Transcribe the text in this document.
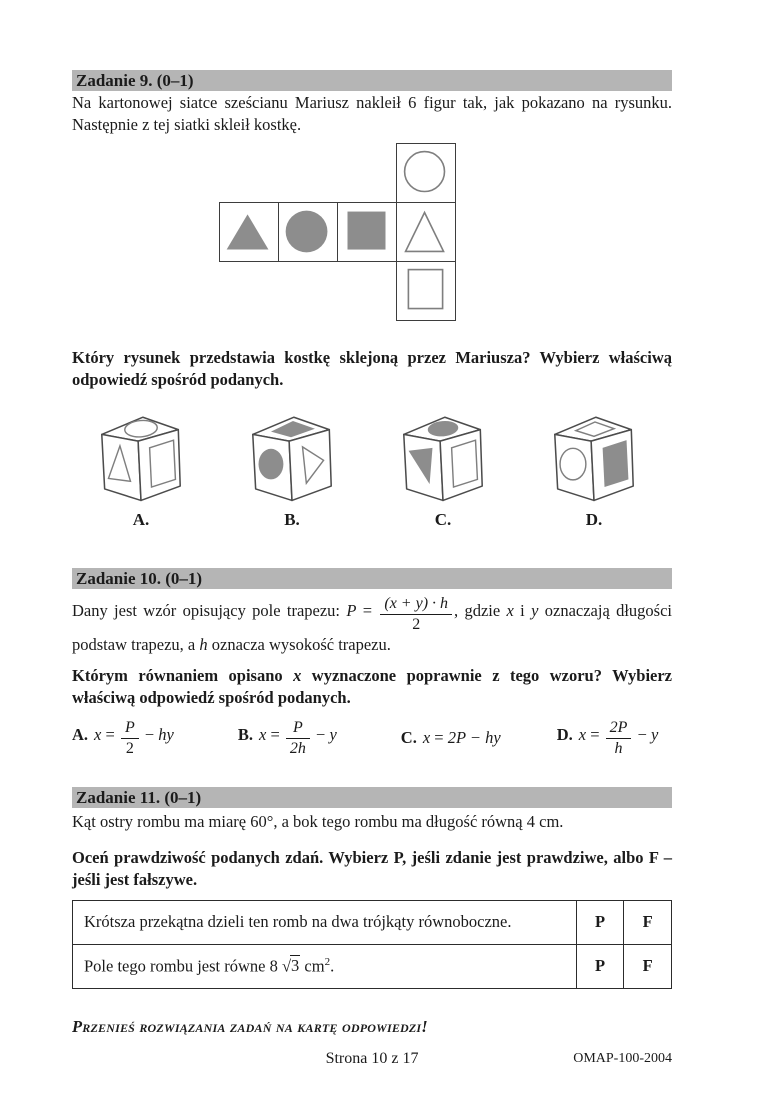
Zadanie 9. (0–1)

Na kartonowej siatce sześcianu Mariusz nakleił 6 figur tak, jak pokazano na rysunku. Następnie z tej siatki skleił kostkę.

Który rysunek przedstawia kostkę sklejoną przez Mariusza? Wybierz właściwą odpowiedź spośród podanych.

A.	B.	C.	D.
Zadanie 10. (0–1)

Dany jest wzór opisujący pole trapezu: $P = \frac{(x + y) \cdot h}{2}$ , gdzie x i y oznaczają długości podstaw trapezu, a h oznacza wysokość trapezu.

Którym równaniem opisano x wyznaczone poprawnie z tego wzoru? Wybierz właściwą odpowiedź spośród podanych.

A. $x = \frac{P}{2}$ − hy	B. $x = \frac{P}{2h} - y$	C. x = 2P − hy	D. $x = \frac{2P}{h} - y$
Zadanie 11. (0–1)

Kąt ostry rombu ma miarę 60°, a bok tego rombu ma długość równą 4 cm.

Oceń prawdziwość podanych zdań. Wybierz P, jeśli zdanie jest prawdziwe, albo F – jeśli jest fałszywe.

Krótsza przekątna dzieli ten romb na dwa trójkąty równoboczne.	P	F
Pole tego rombu jest równe 8 √3 $cm^2$.	P	F

Przenieś rozwiązania zadań na kartę odpowiedzi!

Strona 10 z 17	OMAP-100-2004
